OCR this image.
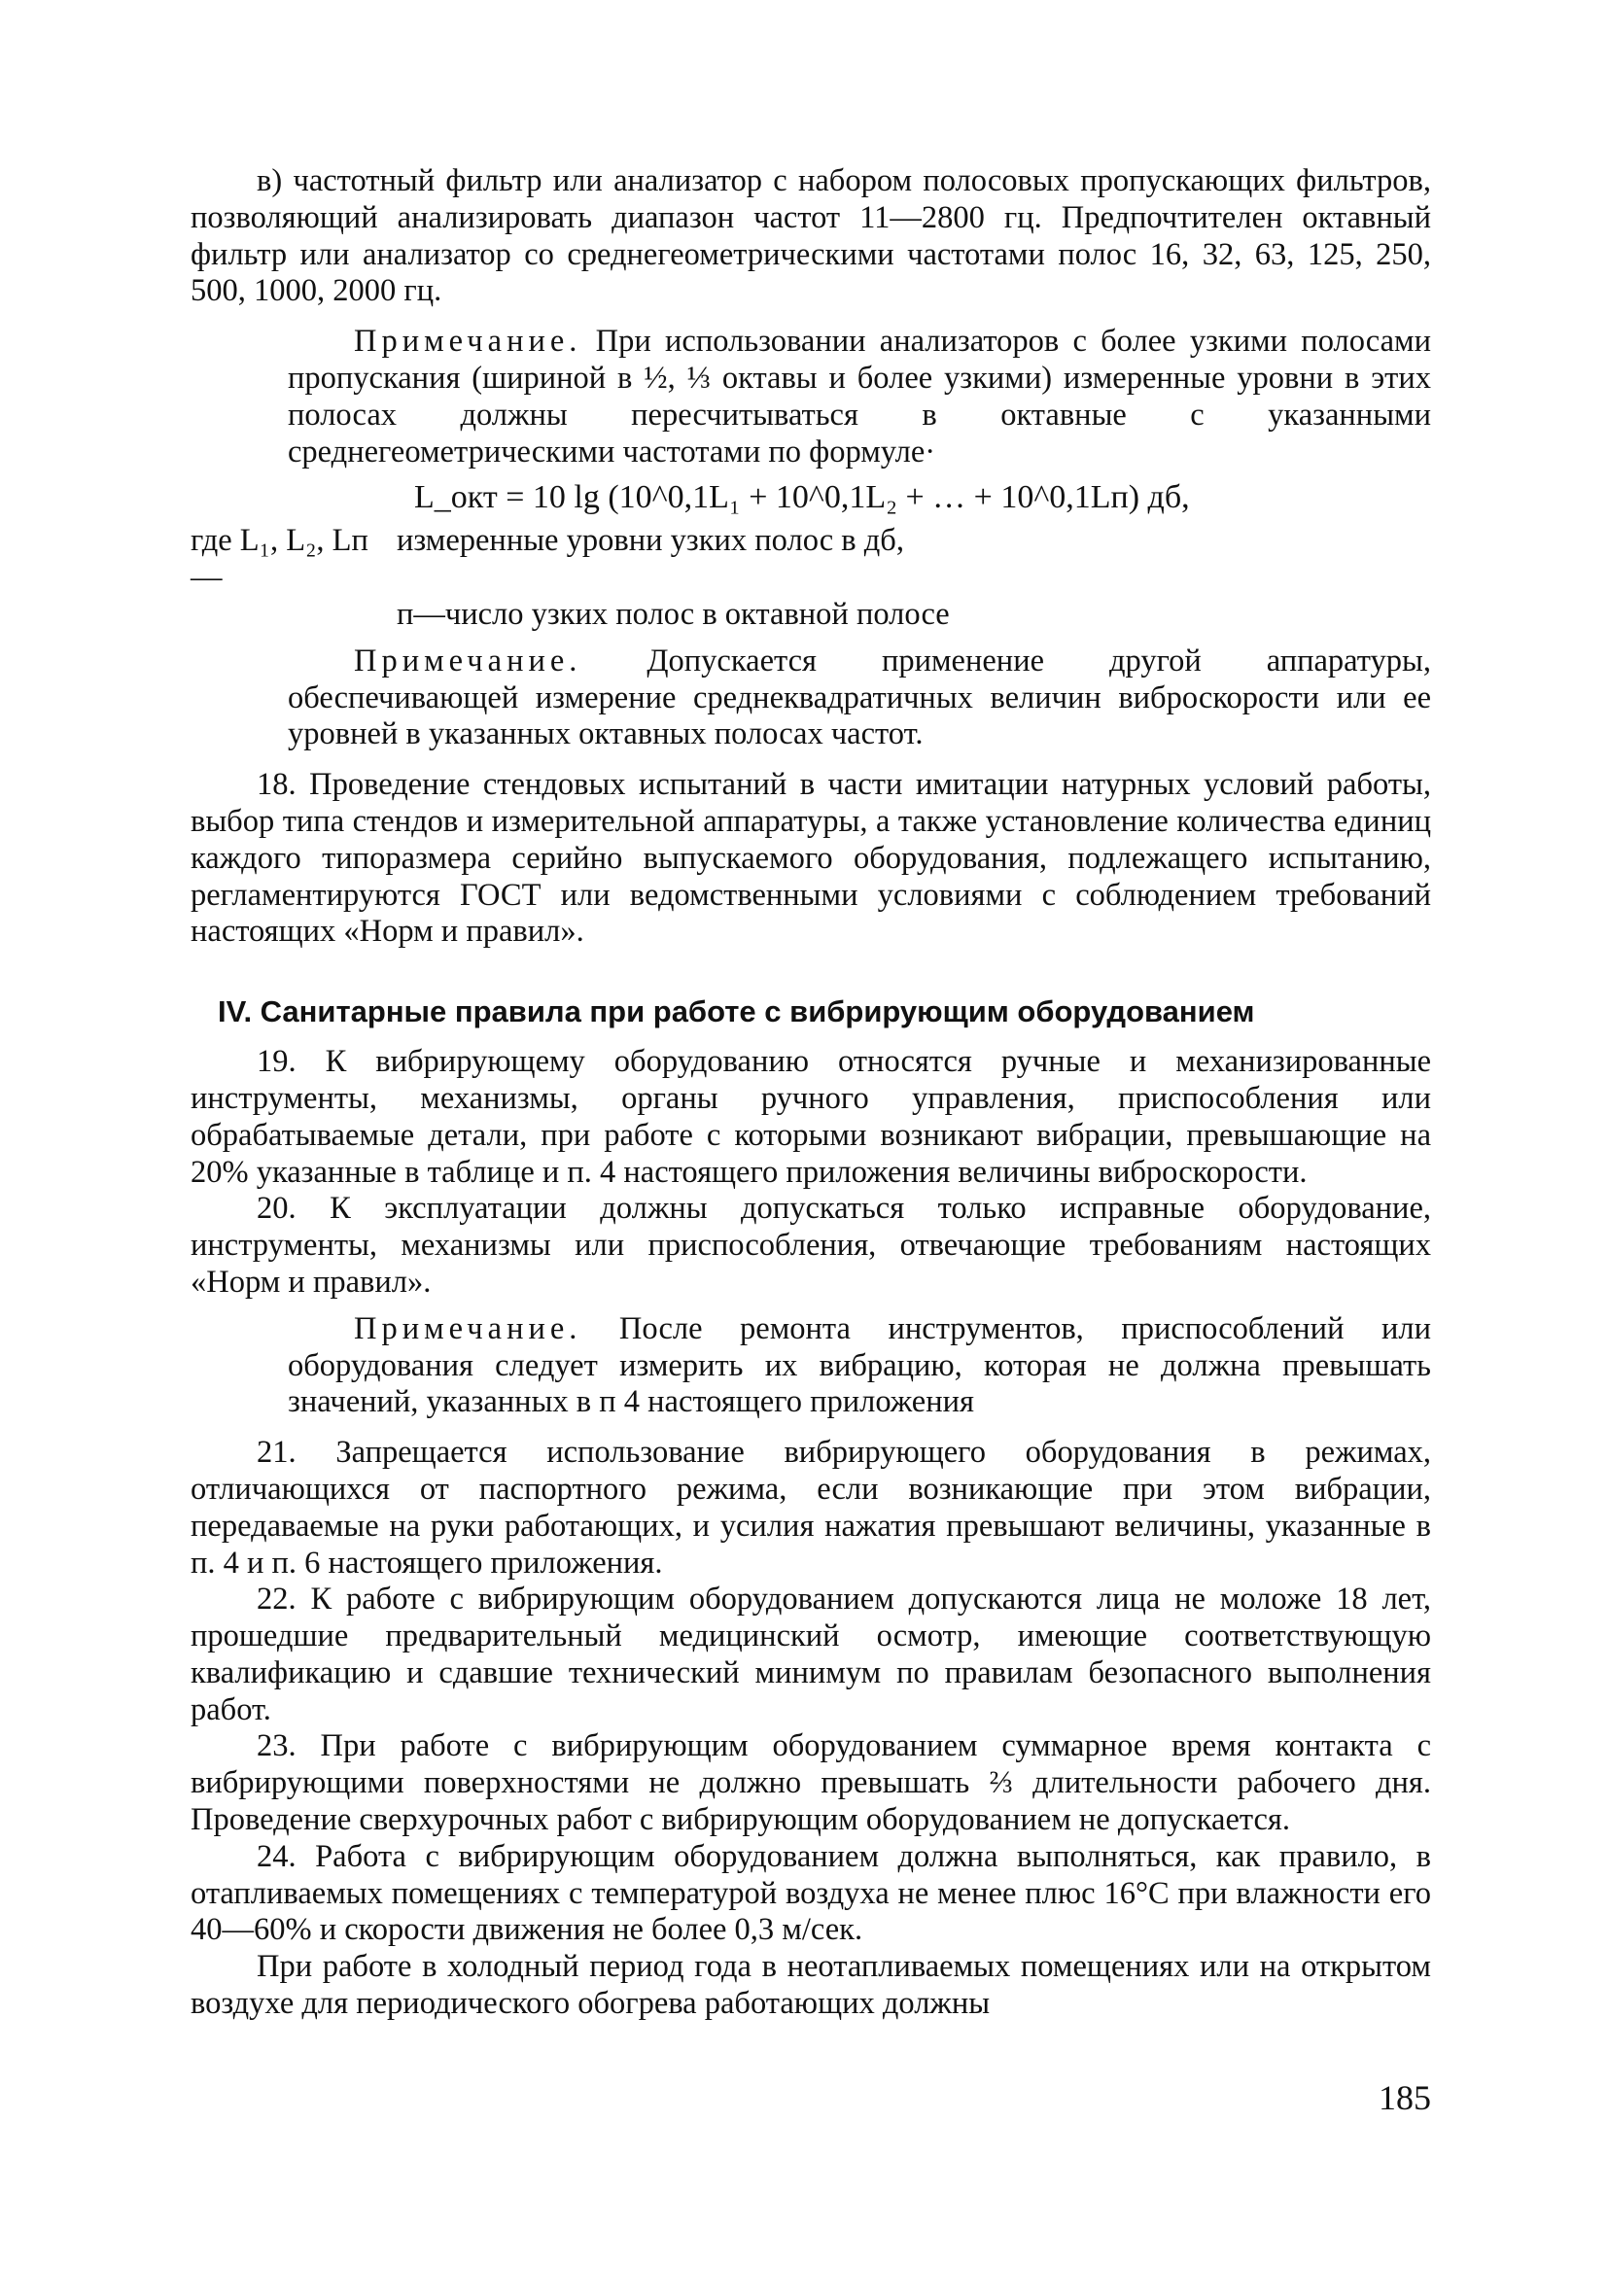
в) частотный фильтр или анализатор с набором полосовых пропускающих фильтров, позволяющий анализировать диапазон частот 11—2800 гц. Предпочтителен октавный фильтр или анализатор со среднегеометрическими частотами полос 16, 32, 63, 125, 250, 500, 1000, 2000 гц.

Примечание. При использовании анализаторов с более узкими полосами пропускания (шириной в ½, ⅓ октавы и более узкими) измеренные уровни в этих полосах должны пересчитываться в октавные с указанными среднегеометрическими частотами по формуле·

L_окт = 10 lg (10^0,1L₁ + 10^0,1L₂ + … + 10^0,1Lп) дб,
где L₁, L₂, Lп—
измеренные уровни узких полос в дб,
п—число узких полос в октавной полосе

Примечание. Допускается применение другой аппаратуры, обеспечивающей измерение среднеквадратичных величин виброскорости или ее уровней в указанных октавных полосах частот.

18. Проведение стендовых испытаний в части имитации натурных условий работы, выбор типа стендов и измерительной аппаратуры, а также установление количества единиц каждого типоразмера серийно выпускаемого оборудования, подлежащего испытанию, регламентируются ГОСТ или ведомственными условиями с соблюдением требований настоящих «Норм и правил».

IV. Санитарные правила при работе с вибрирующим оборудованием

19. К вибрирующему оборудованию относятся ручные и механизированные инструменты, механизмы, органы ручного управления, приспособления или обрабатываемые детали, при работе с которыми возникают вибрации, превышающие на 20% указанные в таблице и п. 4 настоящего приложения величины виброскорости.

20. К эксплуатации должны допускаться только исправные оборудование, инструменты, механизмы или приспособления, отвечающие требованиям настоящих «Норм и правил».

Примечание. После ремонта инструментов, приспособлений или оборудования следует измерить их вибрацию, которая не должна превышать значений, указанных в п 4 настоящего приложения

21. Запрещается использование вибрирующего оборудования в режимах, отличающихся от паспортного режима, если возникающие при этом вибрации, передаваемые на руки работающих, и усилия нажатия превышают величины, указанные в п. 4 и п. 6 настоящего приложения.

22. К работе с вибрирующим оборудованием допускаются лица не моложе 18 лет, прошедшие предварительный медицинский осмотр, имеющие соответствующую квалификацию и сдавшие технический минимум по правилам безопасного выполнения работ.

23. При работе с вибрирующим оборудованием суммарное время контакта с вибрирующими поверхностями не должно превышать ⅔ длительности рабочего дня. Проведение сверхурочных работ с вибрирующим оборудованием не допускается.

24. Работа с вибрирующим оборудованием должна выполняться, как правило, в отапливаемых помещениях с температурой воздуха не менее плюс 16°С при влажности его 40—60% и скорости движения не более 0,3 м/сек.

При работе в холодный период года в неотапливаемых помещениях или на открытом воздухе для периодического обогрева работающих должны

185
